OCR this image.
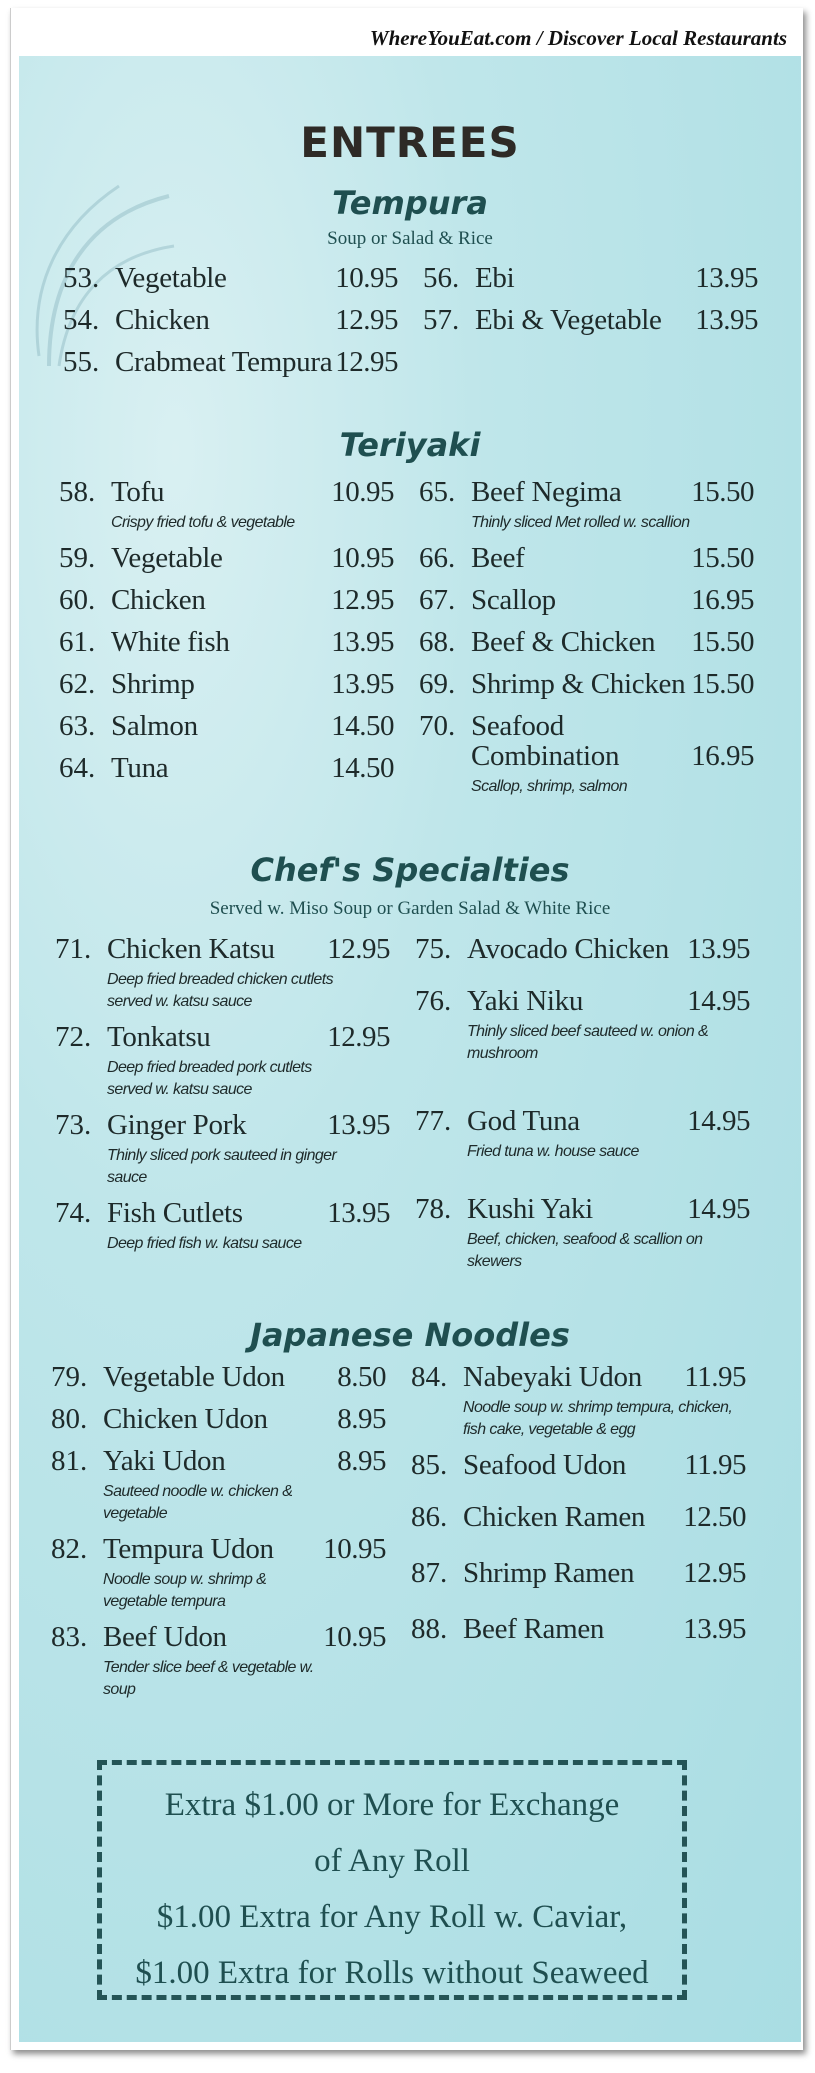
ENTREES
Tempura
Soup or Salad & Rice
53. Vegetable	10.95
54. Chicken	12.95
55. Crabmeat Tempura 12.95
56. Ebi	13.95
57. Ebi & Vegetable	13.95
Teriyaki
58. Tofu	10.95
Crispy fried tofu & vegetable
59. Vegetable	10.95
60. Chicken	12.95
61. White fish	13.95
62. Shrimp	13.95
63. Salmon	14.50
64. Tuna	14.50
65. Beef Negima	15.50
Thinly sliced Met rolled w. scallion
66. Beef	15.50
67. Scallop	16.95
68. Beef & Chicken	15.50
69. Shrimp & Chicken 15.50
70. Seafood
Combination	16.95
Scallop, shrimp, salmon
Chef's Specialties
Served w. Miso Soup or Garden Salad & White Rice
71. Chicken Katsu	12.95
Deep fried breaded chicken cutlets served w. katsu sauce
72. Tonkatsu	12.95
Deep fried breaded pork cutlets served w. katsu sauce
73. Ginger Pork	13.95
Thinly sliced pork sauteed in ginger sauce
74. Fish Cutlets	13.95
Deep fried fish w. katsu sauce
75. Avocado Chicken 13.95
76. Yaki Niku	14.95
Thinly sliced beef sauteed w. onion & mushroom
77. God Tuna	14.95
Fried tuna w. house sauce
78. Kushi Yaki	14.95
Beef, chicken, seafood & scallion on skewers
Japanese Noodles
79. Vegetable Udon	8.50
80. Chicken Udon	8.95
81. Yaki Udon	8.95
Sauteed noodle w. chicken & vegetable
82. Tempura Udon	10.95
Noodle soup w. shrimp & vegetable tempura
83. Beef Udon	10.95
Tender slice beef & vegetable w. soup
84. Nabeyaki Udon	11.95
Noodle soup w. shrimp tempura, chicken, fish cake, vegetable & egg
85. Seafood Udon	11.95
86. Chicken Ramen	12.50
87. Shrimp Ramen	12.95
88. Beef Ramen	13.95
Extra $1.00 or More for Exchange
of Any Roll
$1.00 Extra for Any Roll w. Caviar,
$1.00 Extra for Rolls without Seaweed
WhereYouEat.com / Discover Local Restaurants
